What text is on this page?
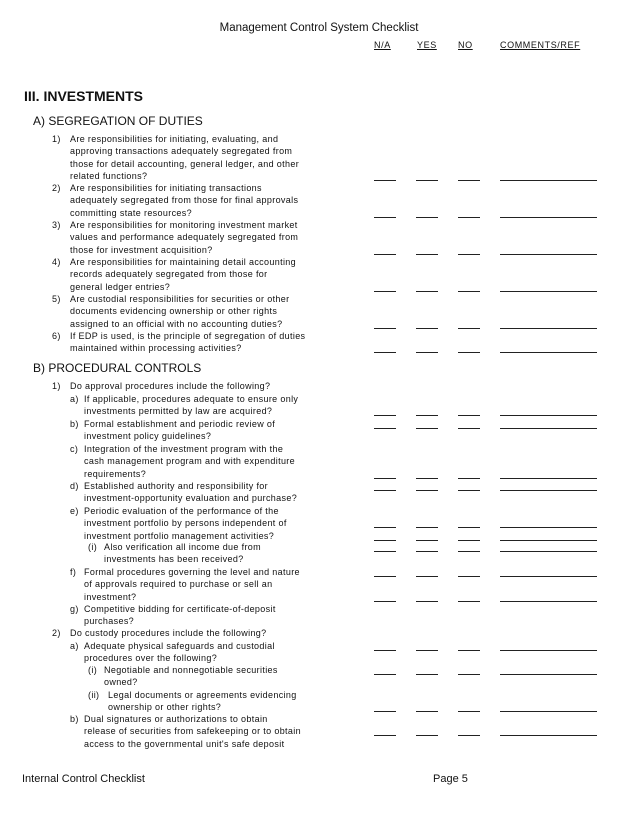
Management Control System Checklist
N/A	YES NO	COMMENTS/REF
III. INVESTMENTS
A) SEGREGATION OF DUTIES
B) PROCEDURAL CONTROLS
1) Are responsibilities for initiating, evaluating, and
approving transactions adequately segregated from
those for detail accounting, general ledger, and other
related functions?
2) Are responsibilities for initiating transactions
adequately segregated from those for final approvals
committing state resources?
3) Are responsibilities for monitoring investment market
values and performance adequately segregated from
those for investment acquisition?
4) Are responsibilities for maintaining detail accounting
records adequately segregated from those for
general ledger entries?
5) Are custodial responsibilities for securities or other
documents evidencing ownership or other rights
assigned to an official with no accounting duties?
6) If EDP is used, is the principle of segregation of duties
maintained within processing activities?
1) Do approval procedures include the following?
a) If applicable, procedures adequate to ensure only
investments permitted by law are acquired?
b) Formal establishment and periodic review of
investment policy guidelines?
c) Integration of the investment program with the
cash management program and with expenditure
requirements?
d) Established authority and responsibility for
investment-opportunity evaluation and purchase?
e) Periodic evaluation of the performance of the
investment portfolio by persons independent of
investment portfolio management activities?
(i) Also verification all income due from
investments has been received?
f) Formal procedures governing the level and nature
of approvals required to purchase or sell an
investment?
g) Competitive bidding for certificate-of-deposit
purchases?
2) Do custody procedures include the following?
a) Adequate physical safeguards and custodial
procedures over the following?
(i) Negotiable and nonnegotiable securities
owned?
(ii) Legal documents or agreements evidencing
ownership or other rights?
b) Dual signatures or authorizations to obtain
release of securities from safekeeping or to obtain
access to the governmental unit's safe deposit
Internal Control Checklist	Page 5
